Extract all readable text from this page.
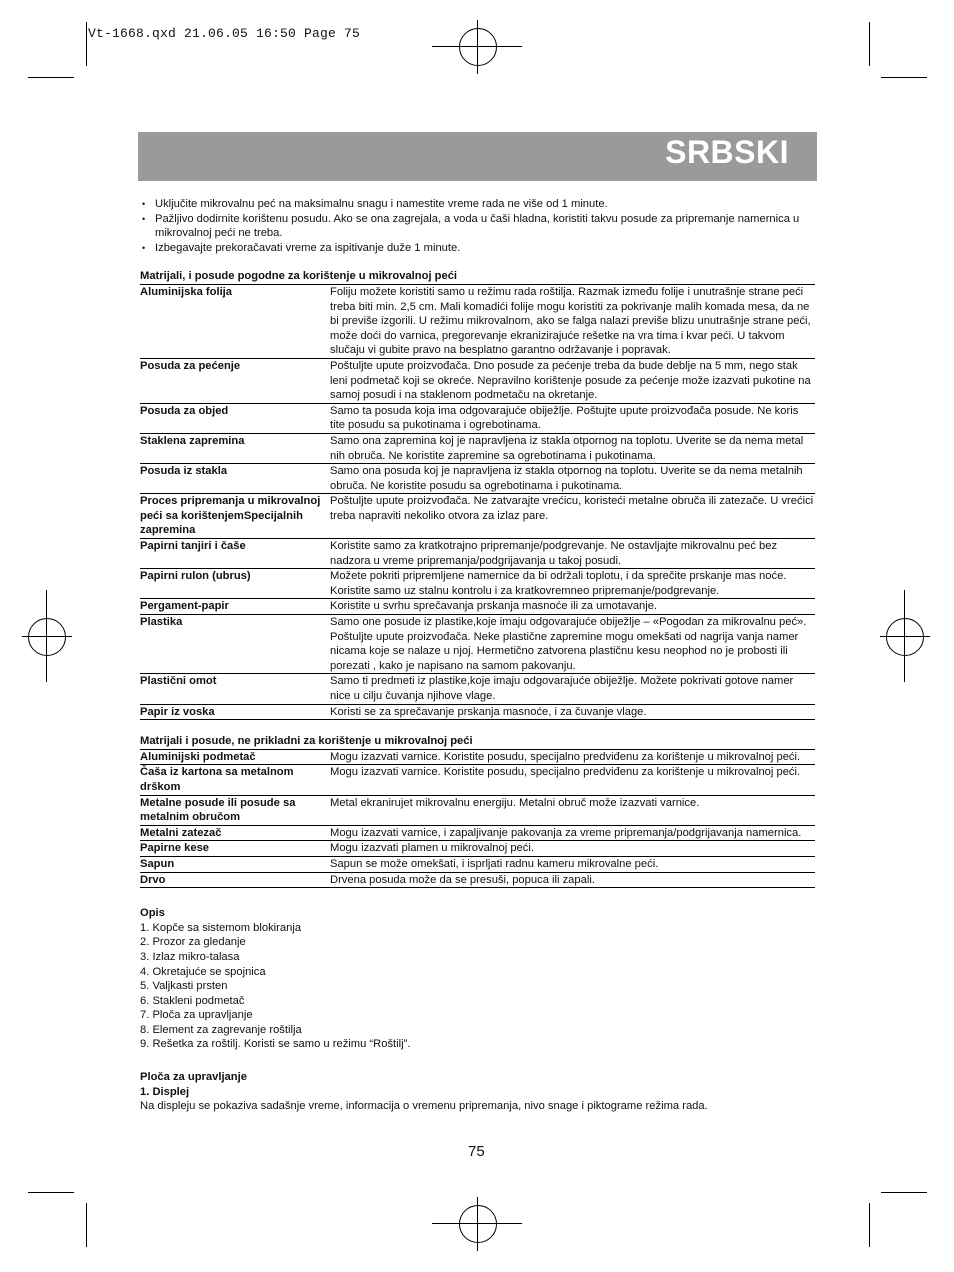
Vt-1668.qxd 21.06.05 16:50 Page 75
SRBSKI
• Uključite mikrovalnu peć na maksimalnu snagu i namestite vreme rada ne više od 1 minute.
• Pažljivo dodirnite korištenu posudu. Ako se ona zagrejala, a voda u čaši hladna, koristiti takvu posude za pripremanje namernica u mikrovalnoj peći ne treba.
• Izbegavajte prekoračavati vreme za ispitivanje duže 1 minute.
Matrijali, i posude pogodne za korištenje u mikrovalnoj peći
Aluminijska folija	Foliju možete koristiti samo u režimu rada roštilja. Razmak između folije i unutrašnje strane peći treba biti min. 2,5 cm. Mali komadići folije mogu koristiti za pokrivanje malih komada mesa, da ne bi previše izgorili. U režimu mikrovalnom, ako se falga nalazi previše blizu unutrašnje strane peći, može doći do varnica, pregorevanje ekranizirajuće rešetke na vra tima i kvar peći. U takvom slučaju vi gubite pravo na besplatno garantno održavanje i popravak.
Posuda za pećenje	Poštuljte upute proizvođača. Dno posude za pećenje treba da bude deblje na 5 mm, nego stak leni podmetač koji se okreće. Nepravilno korištenje posude za pećenje može izazvati pukotine na samoj posudi i na staklenom podmetaču na okretanje.
Posuda za objed	Samo ta posuda koja ima odgovarajuće obiježlje. Poštujte upute proizvođača posude. Ne koris tite posudu sa pukotinama i ogrebotinama.
Staklena zapremina	Samo ona zapremina koj je napravljena iz stakla otpornog na toplotu. Uverite se da nema metal nih obruča. Ne koristite zapremine sa ogrebotinama i pukotinama.
Posuda iz stakla	Samo ona posuda koj je napravljena iz stakla otpornog na toplotu. Uverite se da nema metalnih obruča. Ne koristite posudu sa ogrebotinama i pukotinama.
Proces pripremanja u mikrovalnoj peći sa korištenjemSpecijalnih zapremina	Poštuljte upute proizvođača. Ne zatvarajte vrećicu, koristeći metalne obruča ili zatezače. U vrećici treba napraviti nekoliko otvora za izlaz pare.
Papirni tanjiri i čaše	Koristite samo za kratkotrajno pripremanje/podgrevanje. Ne ostavljajte mikrovalnu peć bez nadzora u vreme pripremanja/podgrijavanja u takoj posudi.
Papirni rulon (ubrus)	Možete pokriti pripremljene namernice da bi održali toplotu, i da sprečite prskanje mas noće. Koristite samo uz stalnu kontrolu i za kratkovremneo pripremanje/podgrevanje.
Pergament-papir	Koristite u svrhu sprečavanja prskanja masnoće ili za umotavanje.
Plastika	Samo one posude iz plastike,koje imaju odgovarajuće obiježlje – «Pogodan za mikrovalnu peć». Poštuljte upute proizvođača. Neke plastične zapremine mogu omekšati od nagrija vanja namer nicama koje se nalaze u njoj. Hermetično zatvorena plastičnu kesu neophod no je probosti ili porezati , kako je napisano na samom pakovanju.
Plastični omot	Samo ti predmeti iz plastike,koje imaju odgovarajuće obiježlje. Možete pokrivati gotove namer nice u cilju čuvanja njihove vlage.
Papir iz voska	Koristi se za sprečavanje prskanja masnoće, i za čuvanje vlage.
Matrijali i posude, ne prikladni za korištenje u mikrovalnoj peći
Aluminijski podmetač	Mogu izazvati varnice. Koristite posudu, specijalno predviđenu za korištenje u mikrovalnoj peći.
Čaša iz kartona sa metalnom drškom	Mogu izazvati varnice. Koristite posudu, specijalno predviđenu za korištenje u mikrovalnoj peći.
Metalne posude ili posude sa metalnim obručom	Metal ekranirujet mikrovalnu energiju. Metalni obruč može izazvati varnice.
Metalni zatezač	Mogu izazvati varnice, i zapaljivanje pakovanja za vreme pripremanja/podgrijavanja namernica.
Papirne kese	Mogu izazvati plamen u mikrovalnoj peći.
Sapun	Sapun se može omekšati, i isprljati radnu kameru mikrovalne peći.
Drvo	Drvena posuda može da se presuši, popuca ili zapali.
Opis
1. Kopče sa sistemom blokiranja
2. Prozor za gledanje
3. Izlaz mikro-talasa
4. Okretajuće se spojnica
5. Valjkasti prsten
6. Stakleni podmetač
7. Ploča za upravljanje
8. Element za zagrevanje roštilja
9. Rešetka za roštilj. Koristi se samo u režimu “Roštilj”.
Ploča za upravljanje
1. Displej
Na displeju se pokaziva sadašnje vreme, informacija o vremenu pripremanja, nivo snage i piktograme režima rada.
75
